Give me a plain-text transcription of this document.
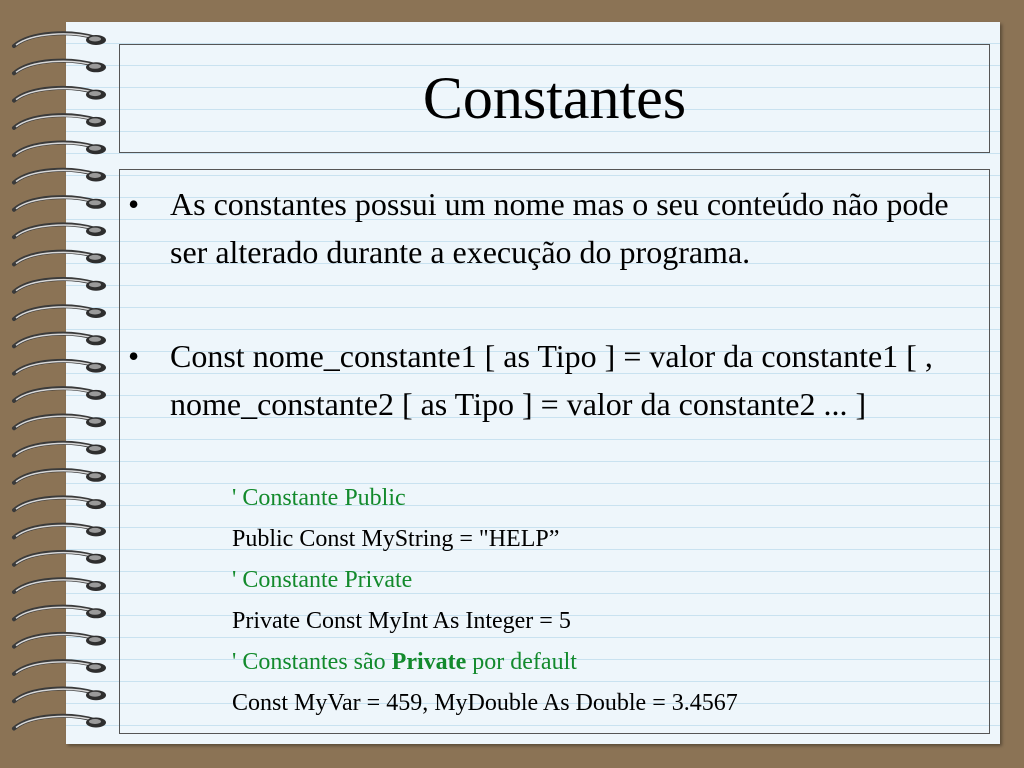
Constantes
• As constantes possui um nome mas o seu conteúdo não pode ser alterado durante a execução do programa.
• Const nome_constante1 [ as Tipo ] = valor da constante1 [ , nome_constante2 [ as Tipo ] = valor da constante2 ... ]
' Constante Public
Public Const MyString = "HELP”
' Constante Private
Private Const MyInt As Integer = 5
' Constantes são Private por default
Const MyVar = 459, MyDouble As Double = 3.4567
